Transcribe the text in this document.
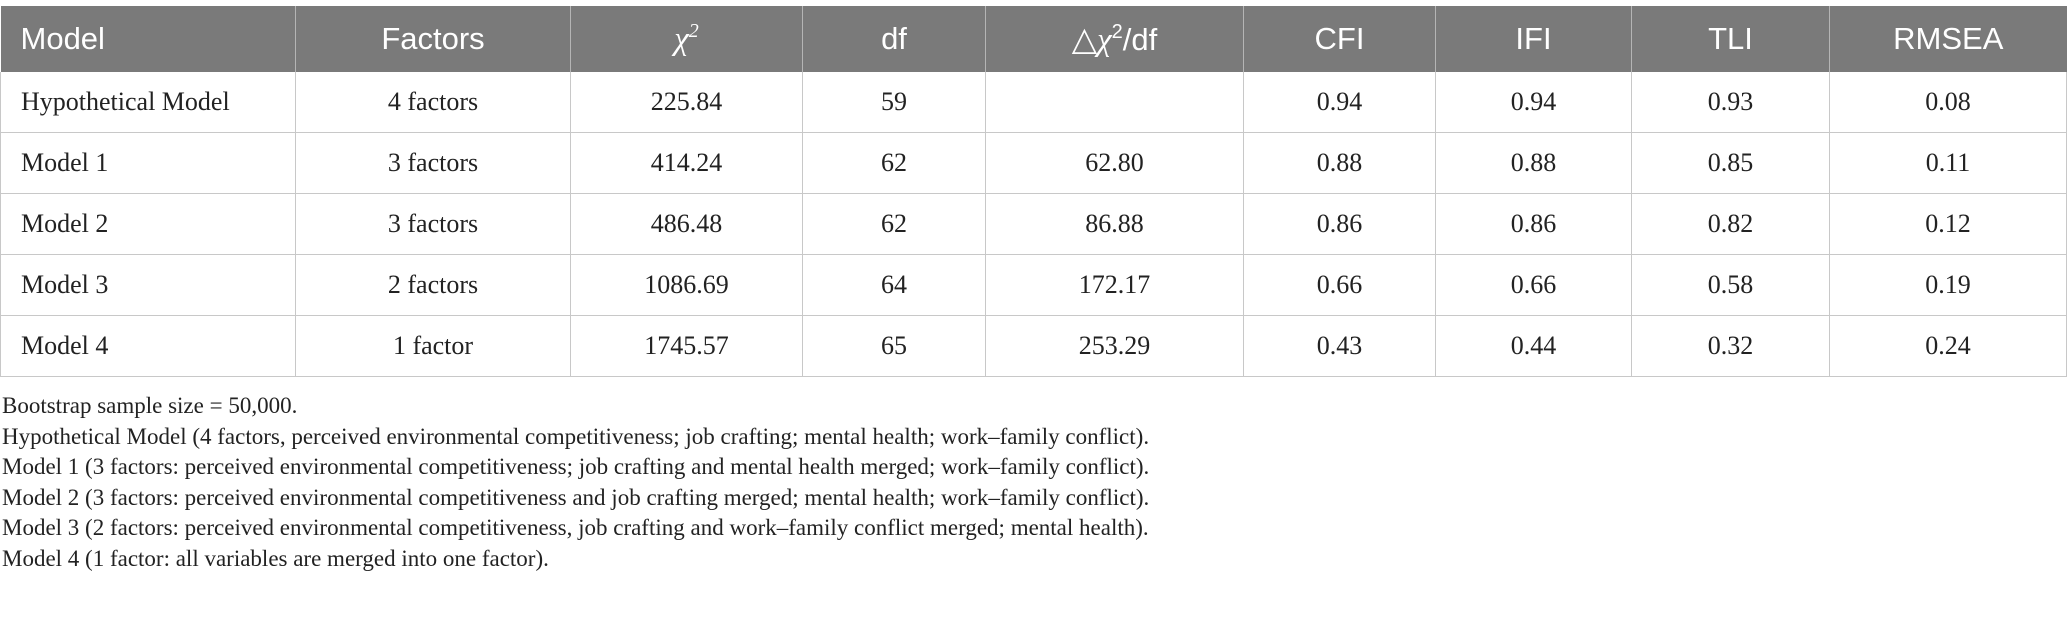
Model	Factors	$\chi^2$	df	$\triangle\chi^2/df$	CFI	IFI	TLI	RMSEA
Hypothetical Model	4 factors	225.84	59		0.94	0.94	0.93	0.08
Model 1	3 factors	414.24	62	62.80	0.88	0.88	0.85	0.11
Model 2	3 factors	486.48	62	86.88	0.86	0.86	0.82	0.12
Model 3	2 factors	1086.69	64	172.17	0.66	0.66	0.58	0.19
Model 4	1 factor	1745.57	65	253.29	0.43	0.44	0.32	0.24
Bootstrap sample size = 50,000.
Hypothetical Model (4 factors, perceived environmental competitiveness; job crafting; mental health; work–family conflict).
Model 1 (3 factors: perceived environmental competitiveness; job crafting and mental health merged; work–family conflict).
Model 2 (3 factors: perceived environmental competitiveness and job crafting merged; mental health; work–family conflict).
Model 3 (2 factors: perceived environmental competitiveness, job crafting and work–family conflict merged; mental health).
Model 4 (1 factor: all variables are merged into one factor).
